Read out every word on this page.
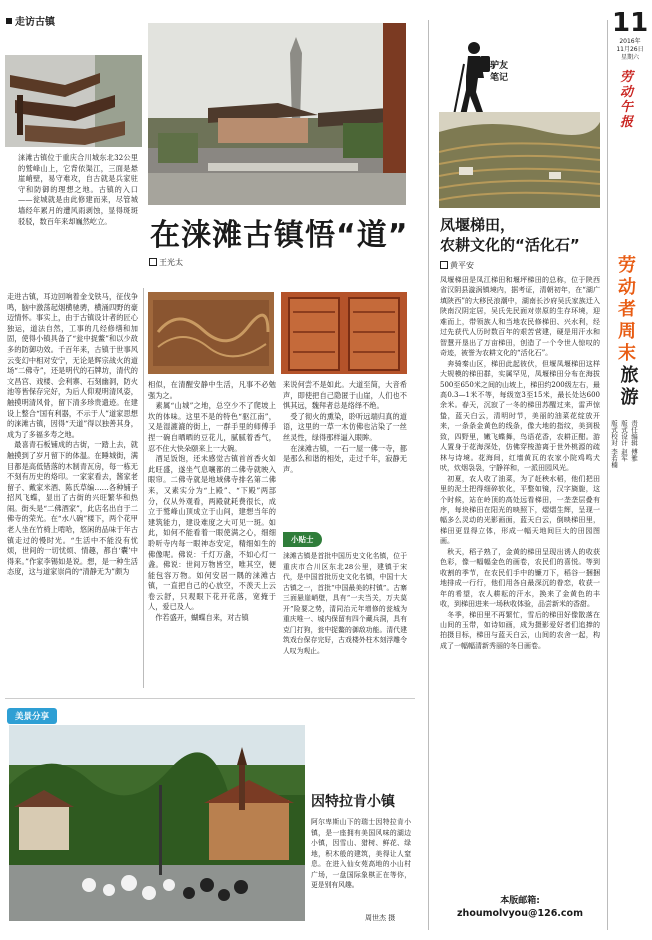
走访古镇
涞滩古镇位于重庆合川城东北32公里的鹫峰山上，它背依渠江，三面是悬崖峭壁，易守难攻，自古就是兵家驻守和防御的理想之地。古镇的入口——瓮城就是由此修建而来，尽管城墙经年累月的遭风雨剥蚀，显得斑斑驳驳，数百年来却巍然屹立。	在涞滩古镇悟“道”
王光太
走进古镇，耳边回响着金戈铁马，征伐争鸣，脑中激荡起烟横驰骋，横涌四野的豪迈情怀。事实上，由于古镇设计者的匠心独运，道法自然，工事的几经修缮和加固，使得小镇具备了“瓮中捉鳖”和以少敌多的防御功效。千百年来，古镇于世事风云变幻中相对安宁，无论是辉宗战火的道场“二佛寺”，还是明代的石牌坊，清代的文昌宫、戏楼、会利寨、石刻幽洞，防火池等皆保存完好，为后人仰观明清风姿，触摸明清风骨，留下清多珍贵遗迹。在建设上整合“国有利器，不示于人”道家思想的涞滩古镇，因得“天道”得以独善其身，成为了多福多寿之地。
　最喜青石板铺成的古街，一踏上去，就触摸到了岁月留下的体温。在睡城街，满目都是高低错落的木制青瓦房，每一栋无不刻有历史的烙印。一家家看去，酱家老留子、戴家米酒、陈氏草编……各种铺子招风飞蝶，显出了古街的兴旺繁华和热闹。街头是“二佛酒家”，此店名出自于二佛寺的荣光。在“水八碗”楼下，两个花甲老人坐在竹椅上啃哈，悠闲的品味于年古镇走过的慢时光。“生活中不能没有忧烦，世间的一切忧烦、情趣，都自‘囊’中得来。”作家李锡如是说。想，是一种生活态度，这与道家崇尚的“清静无为”颇为
相似，在清醒安静中生活，凡事不必勉强为之。
　素属“山城”之地，总空少不了爬坡上坎的体味。这里不是的特色“驱江南”，又是湿漉漉的街上，一群手里的师傅手捏一碗自晒晒的豆花儿，腻腻着香气，忍不住大快朵颐来上一大碗。
　酒足饭饱，还未感觉古镇首首香火如此旺盛，遂坐气息嚷都的二佛寺就映入眼帘。二佛寺就是地域佛寺排名第二佛来，又素实分为“上殿”、“下殿”两部分，仅从外观看，两殿就耗费很长，成立于鹫峰山顶成立于山间，建想当年的建筑能力，建设难度之大可见一斑。如此，如何不能看着一眼使满之心，细细聆听寺内每一眼神态安定，精细如生的佛像呢。佛说：千灯万盏，不如心灯一盏。佛说：世间万物皆空，唯其空，便能包容万物。如何安居一隅的涞滩古镇，一直把自己的心放空，不羡天上云卷云舒，只观眼下花开花落，宽掩于人，爱已及人。
　作若盛开，蝴蝶自来，对古镇
来说何尝不是如此。大道至简，大音希声，即使把自己隐匿于山崖，人们也不惧其远，魏拜者总是络绎不绝。
　受了彻火的熏染，聆听远端归真的道语，这里的一草一木仿佛也沾染了一丝丝灵性，绿得那样逼入眼眸。
　在涞滩古镇，一石一屋一佛一寺，都是那么和谐的相处，走过千年，寂静无声。
小贴士
涞滩古镇是首批中国历史文化名镇，位于重庆市合川区东北28公里，建镇于宋代，是中国首批历史文化名镇，中国十大古镇之一，首批“中国最美的村镇”。古寨三面悬崖峭壁，具有“一夫当关，万夫莫开”险要之势，清同治元年增修的瓮城为重庆唯一、城内保留有四个藏兵洞，具有克门打狗，瓮中捉鳖的御敌功能。清代建筑戏台保存完好，古戏楼外柱木刻浮雕令人叹为观止。
美景分享
因特拉肯小镇
阿尔卑斯山下的瑞士因特拉肯小镇，是一座拥有美国风味的湖边小镇，因雪山、猎树、鲜花、绿地，积木般的建筑，美得让人窒息。在进入仙女苑高地的小山村广场，一盘国际象棋正在等你，更是别有风趣。
周世杰 摄
驴友笔记
凤堰梯田，
农耕文化的“活化石”
黄平安
凤堰梯田是凤江梯田和堰坪梯田的总称，位于陕西省汉阴县漩涡镇境内，据考证，清朝初年，在“湖广填陕西”的大移民浪潮中，湖南长沙府吴氏家族迁入陕南汉阴定居，吴氏先民面对崇原的生存环境，迎难而上，带领族人和当地农民修梯田、兴水利，经过先获代人历时数百年的艰苦营建，硬是用汗水和智慧开垦出了万亩梯田，创造了一个令世人惊叹的奇迹，被誉为农耕文化的“活化石”。
　奔骑秦山区，梯田此起彼伏，但堰凤堰梯田这样大规模的梯田群，实属罕见，凤堰梯田分布在海拔500至650米之间的山坡上，梯田约200级左右，最高0.3—1米不等，每级宽3至15米，最长处达600余米。春天，沉寂了一冬的梯田苏醒过来，雷声惊蛰，蓝天白云，清明时节，美丽的油菜花绽放开来，一条条金黄色的线条，像大地的指纹，美到极致，四野里，嫩飞蝶舞，鸟语花香，农耕正酣。游人置身于花海深处，仿佛穿梭游离于世外桃源的疏林与诗境。花海间，红墙黄瓦的农家小院鸡鸣犬吠，炊烟袅袅，宁静祥和，一派田园风光。
　初夏，农人收了油菜，为了赶秧水稻，他们把田里的泥土把得细碎软化，平整如镜，汉字旖旎，这个时候，站在岭顶的高处远看梯田，一垄垄层叠有序，每块梯田在阳光的映照下，熠熠生辉，呈现一幅多么灵动的光影画面，蓝天白云，倒映梯田里，梯田更显得立体，形成一幅天地间巨大的田园图画。
　秋天，稻子熟了，金黄的梯田呈现出诱人的收获色彩，像一幅幅金色的画卷，农民们的喜悦。等到收割的季节，在农民们手中的镰刀下，稻谷一捆捆地排成一行行，他们用各自最深沉的眷恋，收获一年的希望，农人耕耘的汗水，换来了金黄色的丰收，到梯田进来一场秋收体验，品尝新米的香甜。
　冬季，梯田里不再繁忙，雪后的梯田好像散落在山间的玉带，如诗如画，成为摄影爱好者们追捧的拍摄目标，梯田与蓝天白云，山间的农舍一起，构成了一幅幅清新秀丽的冬日画卷。
本版邮箱:
zhoumolvyou@126.com
11
2016年
11月26日
星期六
劳动午报
劳动者周末
旅游
责任编辑 傅雅
版式设计 赵军
版式校对 李若楠
